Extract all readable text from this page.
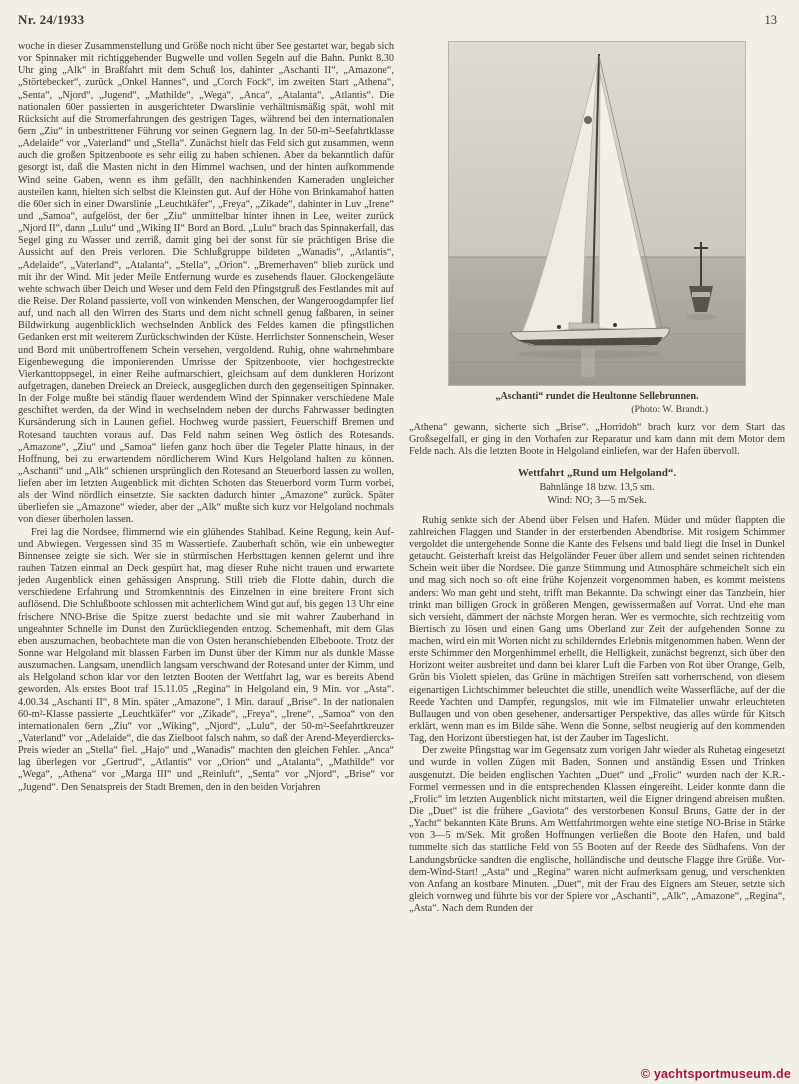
Nr. 24/1933	13

woche in dieser Zusammenstellung und Größe noch nicht über See gestartet war, begab sich vor Spinnaker mit richtiggehender Bugwelle und vollen Segeln auf die Bahn. Punkt 8.30 Uhr ging „Alk“ in Braßfahrt mit dem Schuß los, dahinter „Aschanti II“, „Amazone“, „Störtebecker“, zurück „Onkel Hannes“, und „Corch Fock“, im zweiten Start „Athena“, „Senta“, „Njord“, „Jugend“, „Mathilde“, „Wega“, „Anca“, „Atalanta“, „Atlantis“. Die nationalen 60er passierten in ausgerichteter Dwarslinie verhältnismäßig spät, wohl mit Rücksicht auf die Stromerfahrungen des gestrigen Tages, während bei den internationalen 6ern „Ziu“ in unbestrittener Führung vor seinen Gegnern lag. In der 50-m²-Seefahrtklasse „Adelaide“ vor „Vaterland“ und „Stella“. Zunächst hielt das Feld sich gut zusammen, wenn auch die großen Spitzenboote es sehr eilig zu haben schienen. Aber da bekanntlich dafür gesorgt ist, daß die Masten nicht in den Himmel wachsen, und der hinten aufkommende Wind seine Gaben, wenn es ihm gefällt, den nachhinkenden Kameraden ungleicher austeilen kann, hielten sich selbst die Kleinsten gut. Auf der Höhe von Brinkamahof hatten die 60er sich in einer Dwarslinie „Leuchtkäfer“, „Freya“, „Zikade“, dahinter in Luv „Irene“ und „Samoa“, aufgelöst, der 6er „Ziu“ unmittelbar hinter ihnen in Lee, weiter zurück „Njord II“, dann „Lulu“ und „Wiking II“ Bord an Bord. „Lulu“ brach das Spinnakerfall, das Segel ging zu Wasser und zerriß, damit ging bei der sonst für sie prächtigen Brise die Aussicht auf den Preis verloren. Die Schlußgruppe bildeten „Wanadis“, „Atlantis“, „Adelaide“, „Vaterland“, „Atalanta“, „Stella“, „Orion“. „Bremerhaven“ blieb zurück und mit ihr der Wind. Mit jeder Meile Entfernung wurde es zusehends flauer. Glockengeläute wehte schwach über Deich und Weser und dem Feld den Pfingstgruß des Festlandes mit auf die Reise. Der Roland passierte, voll von winkenden Menschen, der Wangeroogdampfer lief auf, und nach all den Wirren des Starts und dem nicht schnell genug faßbaren, in seiner Bildwirkung augenblicklich wechselnden Anblick des Feldes kamen die pfingstlichen Gedanken erst mit weiterem Zurückschwinden der Küste. Herrlichster Sonnenschein, Weser und Bord mit unübertroffenem Schein versehen, vergoldend. Ruhig, ohne wahrnehmbare Eigenbewegung die imponierenden Umrisse der Spitzenboote, vier hochgestreckte Vierkanttoppsegel, in einer Reihe aufmarschiert, gleichsam auf dem dunkleren Horizont aufgetragen, daneben Dreieck an Dreieck, ausgeglichen durch den gegenseitigen Spinnaker. In der Folge mußte bei ständig flauer werdendem Wind der Spinnaker verschiedene Male geschiftet werden, da der Wind in wechselndem neben der durchs Fahrwasser bedingten Kursänderung sich in Launen gefiel. Hochweg wurde passiert, Feuerschiff Bremen und Rotesand tauchten voraus auf. Das Feld nahm seinen Weg östlich des Rotesands. „Amazone“, „Ziu“ und „Samoa“ liefen ganz hoch über die Tegeler Platte hinaus, in der Hoffnung, bei zu erwartendem nördlicherem Wind Kurs Helgoland halten zu können. „Aschanti“ und „Alk“ schienen ursprünglich den Rotesand an Steuerbord lassen zu wollen, liefen aber im letzten Augenblick mit dichten Schoten das Steuerbord vorm Turm vorbei, als der Wind nördlich einsetzte. Sie sackten dadurch hinter „Amazone“ zurück. Später überliefen sie „Amazone“ wieder, aber der „Alk“ mußte sich kurz vor Helgoland nochmals von dieser überholen lassen.

Frei lag die Nordsee, flimmernd wie ein glühendes Stahlbad. Keine Regung, kein Auf- und Abwiegen. Vergessen sind 35 m Wassertiefe. Zauberhaft schön, wie ein unbewegter Binnensee zeigte sie sich. Wer sie in stürmischen Herbsttagen kennen gelernt und ihre rauhen Tatzen einmal an Deck gespürt hat, mag dieser Ruhe nicht trauen und erwartete jeden Augenblick einen gehässigen Ansprung. Still trieb die Flotte dahin, durch die verschiedene Erfahrung und Stromkenntnis des Einzelnen in eine breitere Front sich auflösend. Die Schlußboote schlossen mit achterlichem Wind gut auf, bis gegen 13 Uhr eine frischere NNO-Brise die Spitze zuerst bedachte und sie mit wahrer Zauberhand in ungeahnter Schnelle im Dunst den Zurückliegenden entzog. Schemenhaft, mit dem Glas eben auszumachen, beobachtete man die von Osten heranschiebenden Elbeboote. Trotz der Sonne war Helgoland mit blassen Farben im Dunst über der Kimm nur als dunkle Masse auszumachen. Langsam, unendlich langsam verschwand der Rotesand unter der Kimm, und als Helgoland schon klar vor den letzten Booten der Wettfahrt lag, war es bereits Abend geworden. Als erstes Boot traf 15.11.05 „Regina“ in Helgoland ein, 9 Min. vor „Asta“. 4.00.34 „Aschanti II“, 8 Min. später „Amazone“, 1 Min. darauf „Brise“. In der nationalen 60-m²-Klasse passierte „Leuchtkäfer“ vor „Zikade“, „Freya“, „Irene“, „Samoa“ von den internationalen 6ern „Ziu“ vor „Wiking“, „Njord“, „Lulu“, der 50-m²-Seefahrtkreuzer „Vaterland“ vor „Adelaide“, die das Zielboot falsch nahm, so daß der Arend-Meyerdiercks-Preis wieder an „Stella“ fiel. „Hajo“ und „Wanadis“ machten den gleichen Fehler. „Anca“ lag überlegen vor „Gertrud“, „Atlantis“ vor „Orion“ und „Atalanta“, „Mathilde“ vor „Wega“, „Athena“ vor „Marga III“ und „Reinluft“, „Senta“ vor „Njord“, „Brise“ vor „Jugend“. Den Senatspreis der Stadt Bremen, den in den beiden Vorjahren

„Aschanti“ rundet die Heultonne Sellebrunnen.
(Photo: W. Brandt.)

„Athena“ gewann, sicherte sich „Brise“. „Horridoh“ brach kurz vor dem Start das Großsegelfall, er ging in den Vorhafen zur Reparatur und kam dann mit dem Motor dem Felde nach. Als die letzten Boote in Helgoland einliefen, war der Hafen übervoll.

Wettfahrt „Rund um Helgoland“.
Bahnlänge 18 bzw. 13,5 sm.
Wind: NO; 3—5 m/Sek.

Ruhig senkte sich der Abend über Felsen und Hafen. Müder und müder flappten die zahlreichen Flaggen und Stander in der ersterbenden Abendbrise. Mit rosigem Schimmer vergoldet die untergehende Sonne die Kante des Felsens und bald liegt die Insel in Dunkel getaucht. Geisterhaft kreist das Helgoländer Feuer über allem und sendet seinen richtenden Schein weit über die Nordsee. Die ganze Stimmung und Atmosphäre schmeichelt sich ein und mag sich noch so oft eine frühe Kojenzeit vorgenommen haben, es kommt meistens anders: Wo man geht und steht, trifft man Bekannte. Da schwingt einer das Tanzbein, hier trinkt man billigen Grock in größeren Mengen, gewissermaßen auf Vorrat. Und ehe man sich versieht, dämmert der nächste Morgen heran. Wer es vermochte, sich rechtzeitig vom Biertisch zu lösen und einen Gang ums Oberland zur Zeit der aufgehenden Sonne zu machen, wird ein mit Worten nicht zu schilderndes Erlebnis mitgenommen haben. Wenn der erste Schimmer den Morgenhimmel erhellt, die Helligkeit, zunächst begrenzt, sich über den Horizont weiter ausbreitet und dann bei klarer Luft die Farben von Rot über Orange, Gelb, Grün bis Violett spielen, das Grüne in mächtigen Streifen satt vorherrschend, von diesem eigenartigen Lichtschimmer beleuchtet die stille, unendlich weite Wasserfläche, auf der die Reede Yachten und Dampfer, regungslos, mit wie im Filmatelier unwahr erleuchteten Bullaugen und von oben gesehener, andersartiger Perspektive, das alles würde für Kitsch erklärt, wenn man es im Bilde sähe. Wenn die Sonne, selbst neugierig auf den kommenden Tag, den Horizont überstiegen hat, ist der Zauber im Tageslicht.

Der zweite Pfingsttag war im Gegensatz zum vorigen Jahr wieder als Ruhetag eingesetzt und wurde in vollen Zügen mit Baden, Sonnen und anständig Essen und Trinken ausgenutzt. Die beiden englischen Yachten „Duet“ und „Frolic“ wurden nach der K.R.-Formel vermessen und in die entsprechenden Klassen eingereiht. Leider konnte dann die „Frolic“ im letzten Augenblick nicht mitstarten, weil die Eigner dringend abreisen mußten. Die „Duet“ ist die frühere „Gaviota“ des verstorbenen Konsul Bruns, Gatte der in der „Yacht“ bekannten Käte Bruns. Am Wettfahrtmorgen wehte eine stetige NO-Brise in Stärke von 3—5 m/Sek. Mit großen Hoffnungen verließen die Boote den Hafen, und bald tummelte sich das stattliche Feld von 55 Booten auf der Reede des Südhafens. Von der Landungsbrücke sandten die englische, holländische und deutsche Flagge ihre Grüße. Vor-dem-Wind-Start! „Asta“ und „Regina“ waren nicht aufmerksam genug, und verschenkten von Anfang an kostbare Minuten. „Duet“, mit der Frau des Eigners am Steuer, setzte sich gleich vornweg und führte bis vor der Spiere vor „Aschanti“, „Alk“, „Amazone“, „Regina“, „Asta“. Nach dem Runden der

© yachtsportmuseum.de
